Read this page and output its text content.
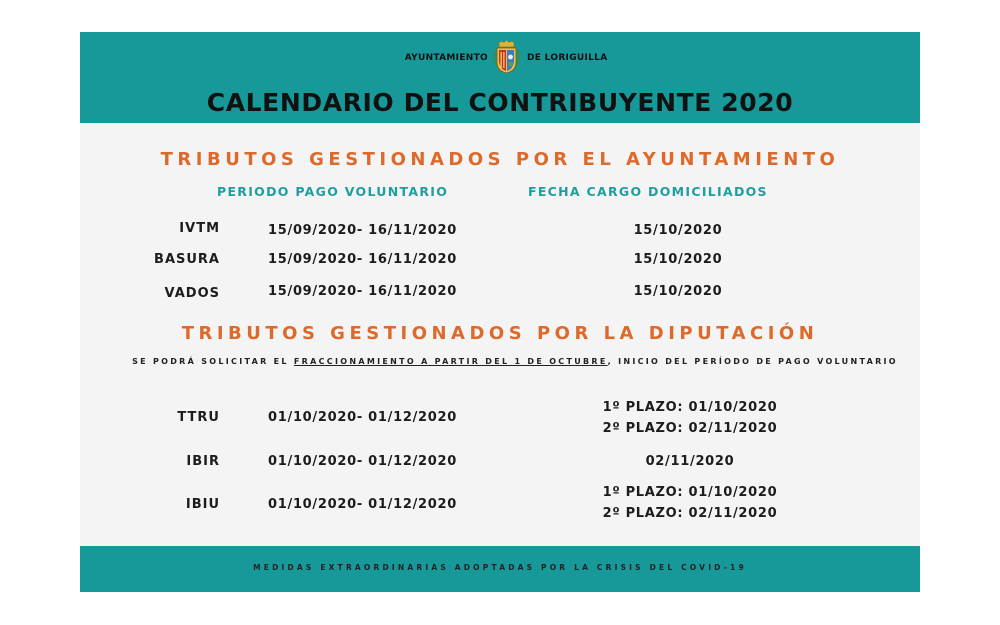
AYUNTAMIENTO	DE LORIGUILLA
CALENDARIO DEL CONTRIBUYENTE 2020
TRIBUTOS GESTIONADOS POR EL AYUNTAMIENTO
PERIODO PAGO VOLUNTARIO	FECHA CARGO DOMICILIADOS
IVTM	15/09/2020- 16/11/2020	15/10/2020
BASURA	15/09/2020- 16/11/2020	15/10/2020
VADOS	15/09/2020- 16/11/2020	15/10/2020
TRIBUTOS GESTIONADOS POR LA DIPUTACIÓN
SE PODRÁ SOLICITAR EL FRACCIONAMIENTO A PARTIR DEL 1 DE OCTUBRE, INICIO DEL PERÍODO DE PAGO VOLUNTARIO
TTRU	01/10/2020- 01/12/2020
1º PLAZO: 01/10/2020
2º PLAZO: 02/11/2020
IBIR	01/10/2020- 01/12/2020	02/11/2020
IBIU	01/10/2020- 01/12/2020
1º PLAZO: 01/10/2020
2º PLAZO: 02/11/2020
MEDIDAS EXTRAORDINARIAS ADOPTADAS POR LA CRISIS DEL COVID-19
